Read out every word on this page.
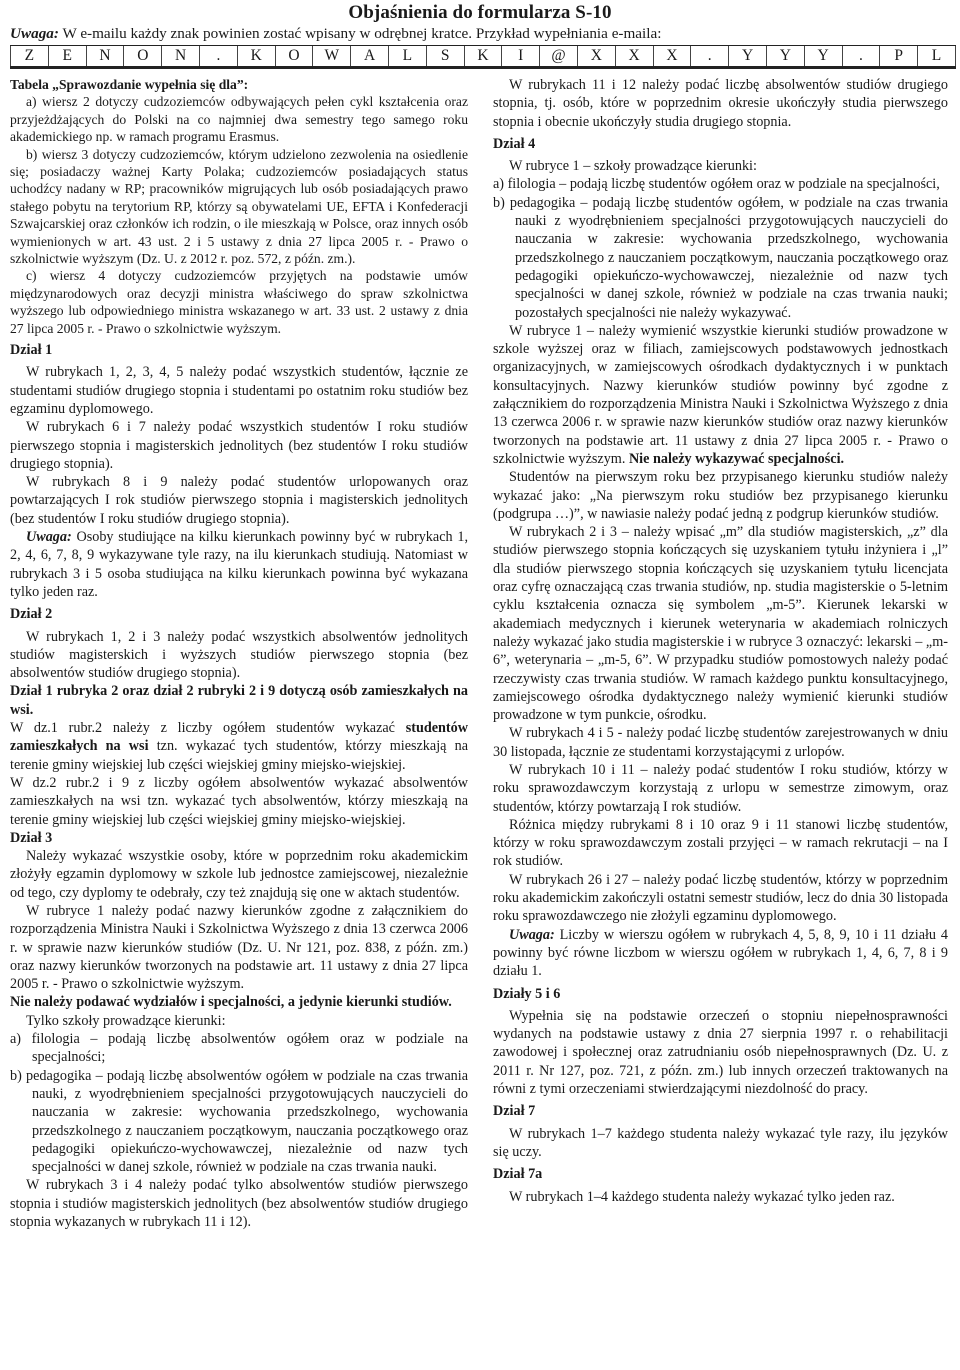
Objaśnienia do formularza S-10
Uwaga: W e-mailu każdy znak powinien zostać wpisany w odrębnej kratce. Przykład wypełniania e-maila:
Z	E	N	O	N	.	K	O	W	A	L	S	K	I	@	X	X	X	.	Y	Y	Y	.	P	L

Tabela „Sprawozdanie wypełnia się dla”:

a) wiersz 2 dotyczy cudzoziemców odbywających pełen cykl kształcenia oraz przyjeżdżających do Polski na co najmniej dwa semestry tego samego roku akademickiego np. w ramach programu Erasmus.

b) wiersz 3 dotyczy cudzoziemców, którym udzielono zezwolenia na osiedlenie się; posiadaczy ważnej Karty Polaka; cudzoziemców posiadających status uchodźcy nadany w RP; pracowników migrujących lub osób posiadających prawo stałego pobytu na terytorium RP, którzy są obywatelami UE, EFTA i Konfederacji Szwajcarskiej oraz członków ich rodzin, o ile mieszkają w Polsce, oraz innych osób wymienionych w art. 43 ust. 2 i 5 ustawy z dnia 27 lipca 2005 r. - Prawo o szkolnictwie wyższym (Dz. U. z 2012 r. poz. 572, z późn. zm.).

c) wiersz 4 dotyczy cudzoziemców przyjętych na podstawie umów międzynarodowych oraz decyzji ministra właściwego do spraw szkolnictwa wyższego lub odpowiedniego ministra wskazanego w art. 33 ust. 2 ustawy z dnia 27 lipca 2005 r. - Prawo o szkolnictwie wyższym.

Dział 1

W rubrykach 1, 2, 3, 4, 5 należy podać wszystkich studentów, łącznie ze studentami studiów drugiego stopnia i studentami po ostatnim roku studiów bez egzaminu dyplomowego.

W rubrykach 6 i 7 należy podać wszystkich studentów I roku studiów pierwszego stopnia i magisterskich jednolitych (bez studentów I roku studiów drugiego stopnia).

W rubrykach 8 i 9 należy podać studentów urlopowanych oraz powtarzających I rok studiów pierwszego stopnia i magisterskich jednolitych (bez studentów I roku studiów drugiego stopnia).

Uwaga: Osoby studiujące na kilku kierunkach powinny być w rubrykach 1, 2, 4, 6, 7, 8, 9 wykazywane tyle razy, na ilu kierunkach studiują. Natomiast w rubrykach 3 i 5 osoba studiująca na kilku kierunkach powinna być wykazana tylko jeden raz.

Dział 2

W rubrykach 1, 2 i 3 należy podać wszystkich absolwentów jednolitych studiów magisterskich i wyższych studiów pierwszego stopnia (bez absolwentów studiów drugiego stopnia).

Dział 1 rubryka 2 oraz dział 2 rubryki 2 i 9 dotyczą osób zamieszkałych na wsi.

W dz.1 rubr.2 należy z liczby ogółem studentów wykazać studentów zamieszkałych na wsi tzn. wykazać tych studentów, którzy mieszkają na terenie gminy wiejskiej lub części wiejskiej gminy miejsko-wiejskiej.

W dz.2 rubr.2 i 9 z liczby ogółem absolwentów wykazać absolwentów zamieszkałych na wsi tzn. wykazać tych absolwentów, którzy mieszkają na terenie gminy wiejskiej lub części wiejskiej gminy miejsko-wiejskiej.

Dział 3

Należy wykazać wszystkie osoby, które w poprzednim roku akademickim złożyły egzamin dyplomowy w szkole lub jednostce zamiejscowej, niezależnie od tego, czy dyplomy te odebrały, czy też znajdują się one w aktach studentów.

W rubryce 1 należy podać nazwy kierunków zgodne z załącznikiem do rozporządzenia Ministra Nauki i Szkolnictwa Wyższego z dnia 13 czerwca 2006 r. w sprawie nazw kierunków studiów (Dz. U. Nr 121, poz. 838, z późn. zm.) oraz nazwy kierunków tworzonych na podstawie art. 11 ustawy z dnia 27 lipca 2005 r. - Prawo o szkolnictwie wyższym.

Nie należy podawać wydziałów i specjalności, a jedynie kierunki studiów.

Tylko szkoły prowadzące kierunki:

a) filologia – podają liczbę absolwentów ogółem oraz w podziale na specjalności;

b) pedagogika – podają liczbę absolwentów ogółem w podziale na czas trwania nauki, z wyodrębnieniem specjalności przygotowujących nauczycieli do nauczania w zakresie: wychowania przedszkolnego, wychowania przedszkolnego z nauczaniem początkowym, nauczania początkowego oraz pedagogiki opiekuńczo-wychowawczej, niezależnie od nazw tych specjalności w danej szkole, również w podziale na czas trwania nauki.

W rubrykach 3 i 4 należy podać tylko absolwentów studiów pierwszego stopnia i studiów magisterskich jednolitych (bez absolwentów studiów drugiego stopnia wykazanych w rubrykach 11 i 12).

W rubrykach 11 i 12 należy podać liczbę absolwentów studiów drugiego stopnia, tj. osób, które w poprzednim okresie ukończyły studia pierwszego stopnia i obecnie ukończyły studia drugiego stopnia.

Dział 4

W rubryce 1 – szkoły prowadzące kierunki:

a) filologia – podają liczbę studentów ogółem oraz w podziale na specjalności,

b) pedagogika – podają liczbę studentów ogółem, w podziale na czas trwania nauki z wyodrębnieniem specjalności przygotowujących nauczycieli do nauczania w zakresie: wychowania przedszkolnego, wychowania przedszkolnego z nauczaniem początkowym, nauczania początkowego oraz pedagogiki opiekuńczo-wychowawczej, niezależnie od nazw tych specjalności w danej szkole, również w podziale na czas trwania nauki; pozostałych specjalności nie należy wykazywać.

W rubryce 1 – należy wymienić wszystkie kierunki studiów prowadzone w szkole wyższej oraz w filiach, zamiejscowych podstawowych jednostkach organizacyjnych, w zamiejscowych ośrodkach dydaktycznych i w punktach konsultacyjnych. Nazwy kierunków studiów powinny być zgodne z załącznikiem do rozporządzenia Ministra Nauki i Szkolnictwa Wyższego z dnia 13 czerwca 2006 r. w sprawie nazw kierunków studiów oraz nazwy kierunków tworzonych na podstawie art. 11 ustawy z dnia 27 lipca 2005 r. - Prawo o szkolnictwie wyższym. Nie należy wykazywać specjalności.

Studentów na pierwszym roku bez przypisanego kierunku studiów należy wykazać jako: „Na pierwszym roku studiów bez przypisanego kierunku (podgrupa …)”, w nawiasie należy podać jedną z podgrup kierunków studiów.

W rubrykach 2 i 3 – należy wpisać „m” dla studiów magisterskich, „z” dla studiów pierwszego stopnia kończących się uzyskaniem tytułu inżyniera i „l” dla studiów pierwszego stopnia kończących się uzyskaniem tytułu licencjata oraz cyfrę oznaczającą czas trwania studiów, np. studia magisterskie o 5-letnim cyklu kształcenia oznacza się symbolem „m-5”. Kierunek lekarski w akademiach medycznych i kierunek weterynaria w akademiach rolniczych należy wykazać jako studia magisterskie i w rubryce 3 oznaczyć: lekarski – „m-6”, weterynaria – „m-5, 6”. W przypadku studiów pomostowych należy podać rzeczywisty czas trwania studiów. W ramach każdego punktu konsultacyjnego, zamiejscowego ośrodka dydaktycznego należy wymienić kierunki studiów prowadzone w tym punkcie, ośrodku.

W rubrykach 4 i 5 - należy podać liczbę studentów zarejestrowanych w dniu 30 listopada, łącznie ze studentami korzystającymi z urlopów.

W rubrykach 10 i 11 – należy podać studentów I roku studiów, którzy w roku sprawozdawczym korzystają z urlopu w semestrze zimowym, oraz studentów, którzy powtarzają I rok studiów.

Różnica między rubrykami 8 i 10 oraz 9 i 11 stanowi liczbę studentów, którzy w roku sprawozdawczym zostali przyjęci – w ramach rekrutacji – na I rok studiów.

W rubrykach 26 i 27 – należy podać liczbę studentów, którzy w poprzednim roku akademickim zakończyli ostatni semestr studiów, lecz do dnia 30 listopada roku sprawozdawczego nie złożyli egzaminu dyplomowego.

Uwaga: Liczby w wierszu ogółem w rubrykach 4, 5, 8, 9, 10 i 11 działu 4 powinny być równe liczbom w wierszu ogółem w rubrykach 1, 4, 6, 7, 8 i 9 działu 1.

Działy 5 i 6

Wypełnia się na podstawie orzeczeń o stopniu niepełnosprawności wydanych na podstawie ustawy z dnia 27 sierpnia 1997 r. o rehabilitacji zawodowej i społecznej oraz zatrudnianiu osób niepełnosprawnych (Dz. U. z 2011 r. Nr 127, poz. 721, z późn. zm.) lub innych orzeczeń traktowanych na równi z tymi orzeczeniami stwierdzającymi niezdolność do pracy.

Dział 7

W rubrykach 1–7 każdego studenta należy wykazać tyle razy, ilu języków się uczy.

Dział 7a

W rubrykach 1–4 każdego studenta należy wykazać tylko jeden raz.
